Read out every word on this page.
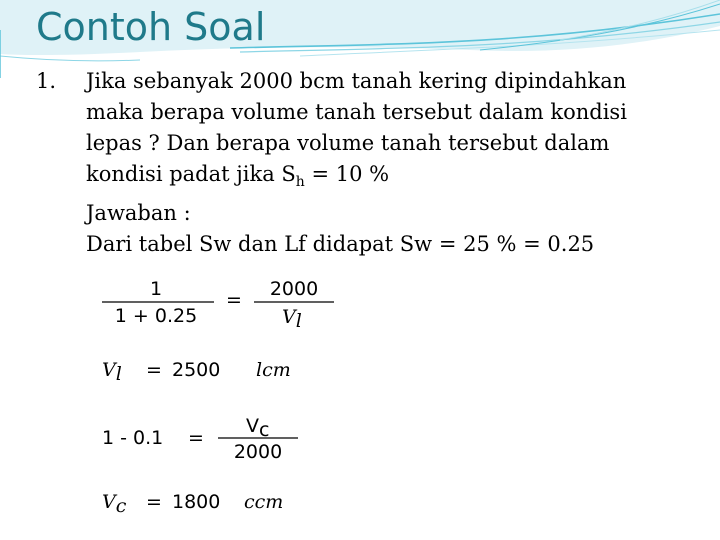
Contoh Soal
1. Jika sebanyak 2000 bcm tanah kering dipindahkan
maka berapa volume tanah tersebut dalam kondisi
lepas ? Dan berapa volume tanah tersebut dalam
kondisi padat jika $S_h = 10$ %
Jawaban :
Dari tabel Sw dan Lf didapat Sw = 25 % = 0.25
1
1 + 0.25
= 2000
Vl
Vl = 2500 lcm
1 - 0.1 =
Vc
2000
Vc = 1800 ccm
